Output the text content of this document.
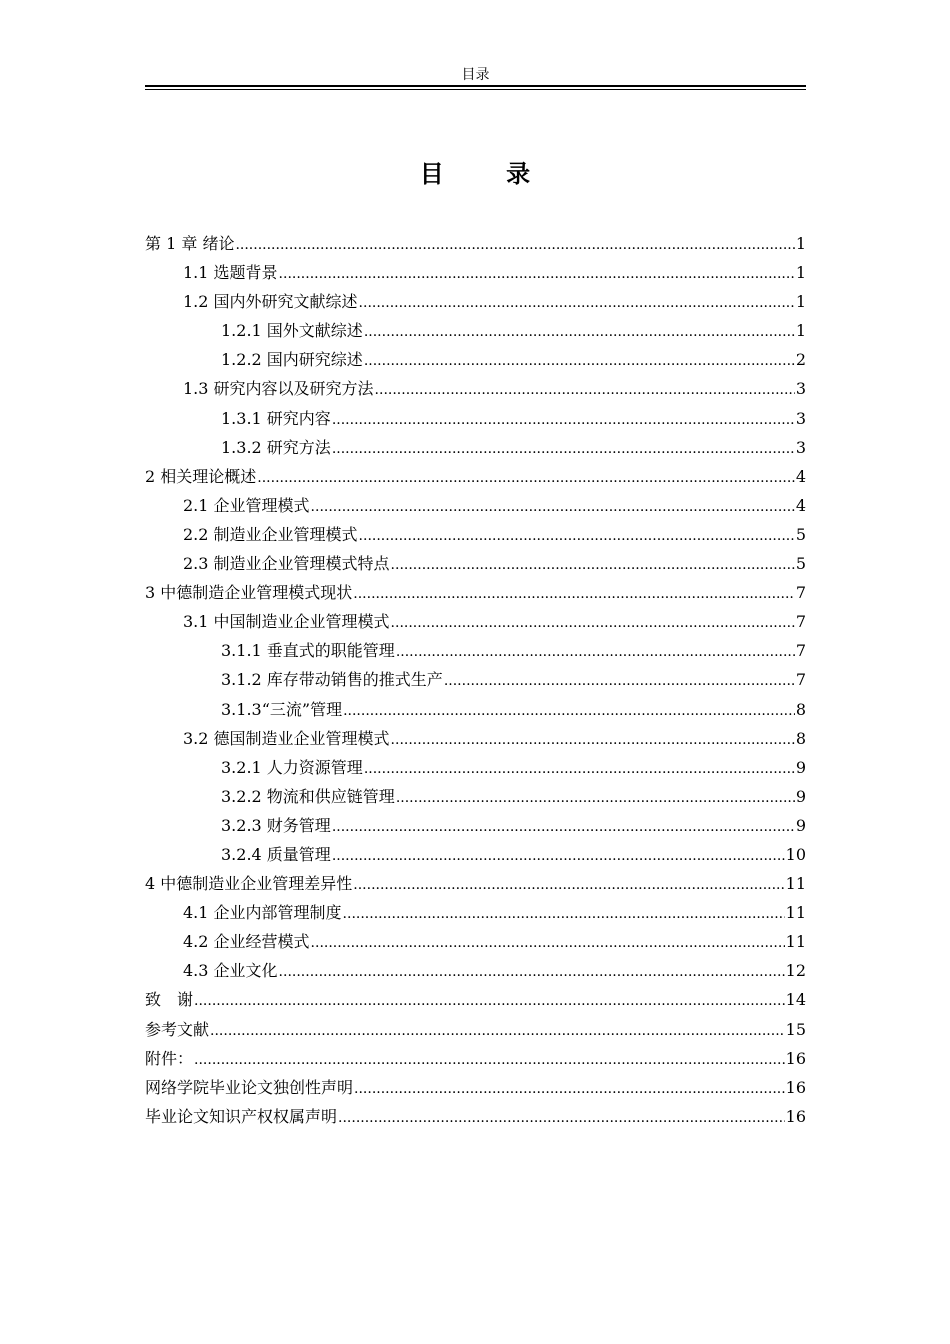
目录
目　录
第 1 章 绪论 .....	1
1.1 选题背景 .....	1
1.2 国内外研究文献综述 .....	1
1.2.1 国外文献综述 .....	1
1.2.2 国内研究综述 .....	2
1.3 研究内容以及研究方法 .....	3
1.3.1 研究内容 .....	3
1.3.2 研究方法 .....	3
2 相关理论概述 .....	4
2.1 企业管理模式 .....	4
2.2 制造业企业管理模式 .....	5
2.3 制造业企业管理模式特点 .....	5
3 中德制造企业管理模式现状 .....	7
3.1 中国制造业企业管理模式 .....	7
3.1.1 垂直式的职能管理 .....	7
3.1.2 库存带动销售的推式生产 .....	7
3.1.3“三流”管理 .....	8
3.2 德国制造业企业管理模式 .....	8
3.2.1 人力资源管理 .....	9
3.2.2 物流和供应链管理 .....	9
3.2.3 财务管理 .....	9
3.2.4 质量管理 .....	10
4 中德制造业企业管理差异性 .....	11
4.1 企业内部管理制度 .....	11
4.2 企业经营模式 .....	11
4.3 企业文化 .....	12
致　谢 .....	14
参考文献 .....	15
附件： .....	16
网络学院毕业论文独创性声明 .....	16
毕业论文知识产权权属声明 .....	16
